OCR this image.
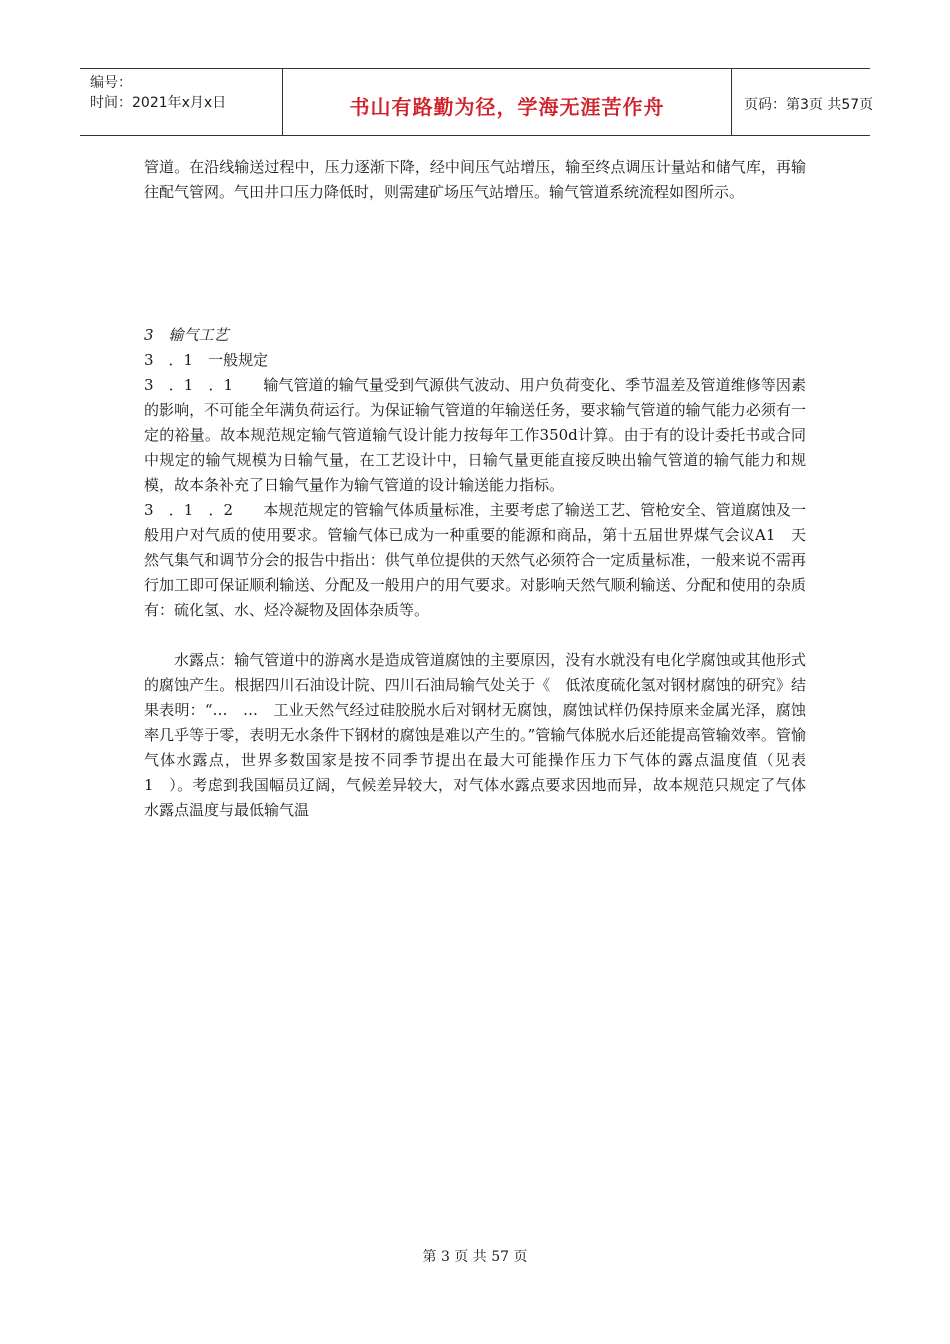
编号：
时间：2021年x月x日	书山有路勤为径，学海无涯苦作舟	页码：第3页 共57页

管道。在沿线输送过程中，压力逐渐下降，经中间压气站增压，输至终点调压计量站和储气库，再输往配气管网。气田井口压力降低时，则需建矿场压气站增压。输气管道系统流程如图所示。

3　输气工艺

3　．1　一般规定

3　．1　．1　　输气管道的输气量受到气源供气波动、用户负荷变化、季节温差及管道维修等因素的影响，不可能全年满负荷运行。为保证输气管道的年输送任务，要求输气管道的输气能力必须有一定的裕量。故本规范规定输气管道输气设计能力按每年工作350d计算。由于有的设计委托书或合同中规定的输气规模为日输气量，在工艺设计中，日输气量更能直接反映出输气管道的输气能力和规模，故本条补充了日输气量作为输气管道的设计输送能力指标。

3　．1　．2　　本规范规定的管输气体质量标准，主要考虑了输送工艺、管枪安全、管道腐蚀及一般用户对气质的使用要求。管输气体已成为一种重要的能源和商品，第十五届世界煤气会议A1　天然气集气和调节分会的报告中指出：供气单位提供的天然气必须符合一定质量标准，一般来说不需再行加工即可保证顺利输送、分配及一般用户的用气要求。对影响天然气顺利输送、分配和使用的杂质有：硫化氢、水、烃冷凝物及固体杂质等。

水露点：输气管道中的游离水是造成管道腐蚀的主要原因，没有水就没有电化学腐蚀或其他形式的腐蚀产生。根据四川石油设计院、四川石油局输气处关于《　低浓度硫化氢对钢材腐蚀的研究》结果表明：“…　…　工业天然气经过硅胶脱水后对钢材无腐蚀，腐蚀试样仍保持原来金属光泽，腐蚀率几乎等于零，表明无水条件下钢材的腐蚀是难以产生的。”管输气体脱水后还能提高管输效率。管愉气体水露点，世界多数国家是按不同季节提出在最大可能操作压力下气体的露点温度值（见表1　）。考虑到我国幅员辽阔，气候差异较大，对气体水露点要求因地而异，故本规范只规定了气体水露点温度与最低输气温

第 3 页 共 57 页
